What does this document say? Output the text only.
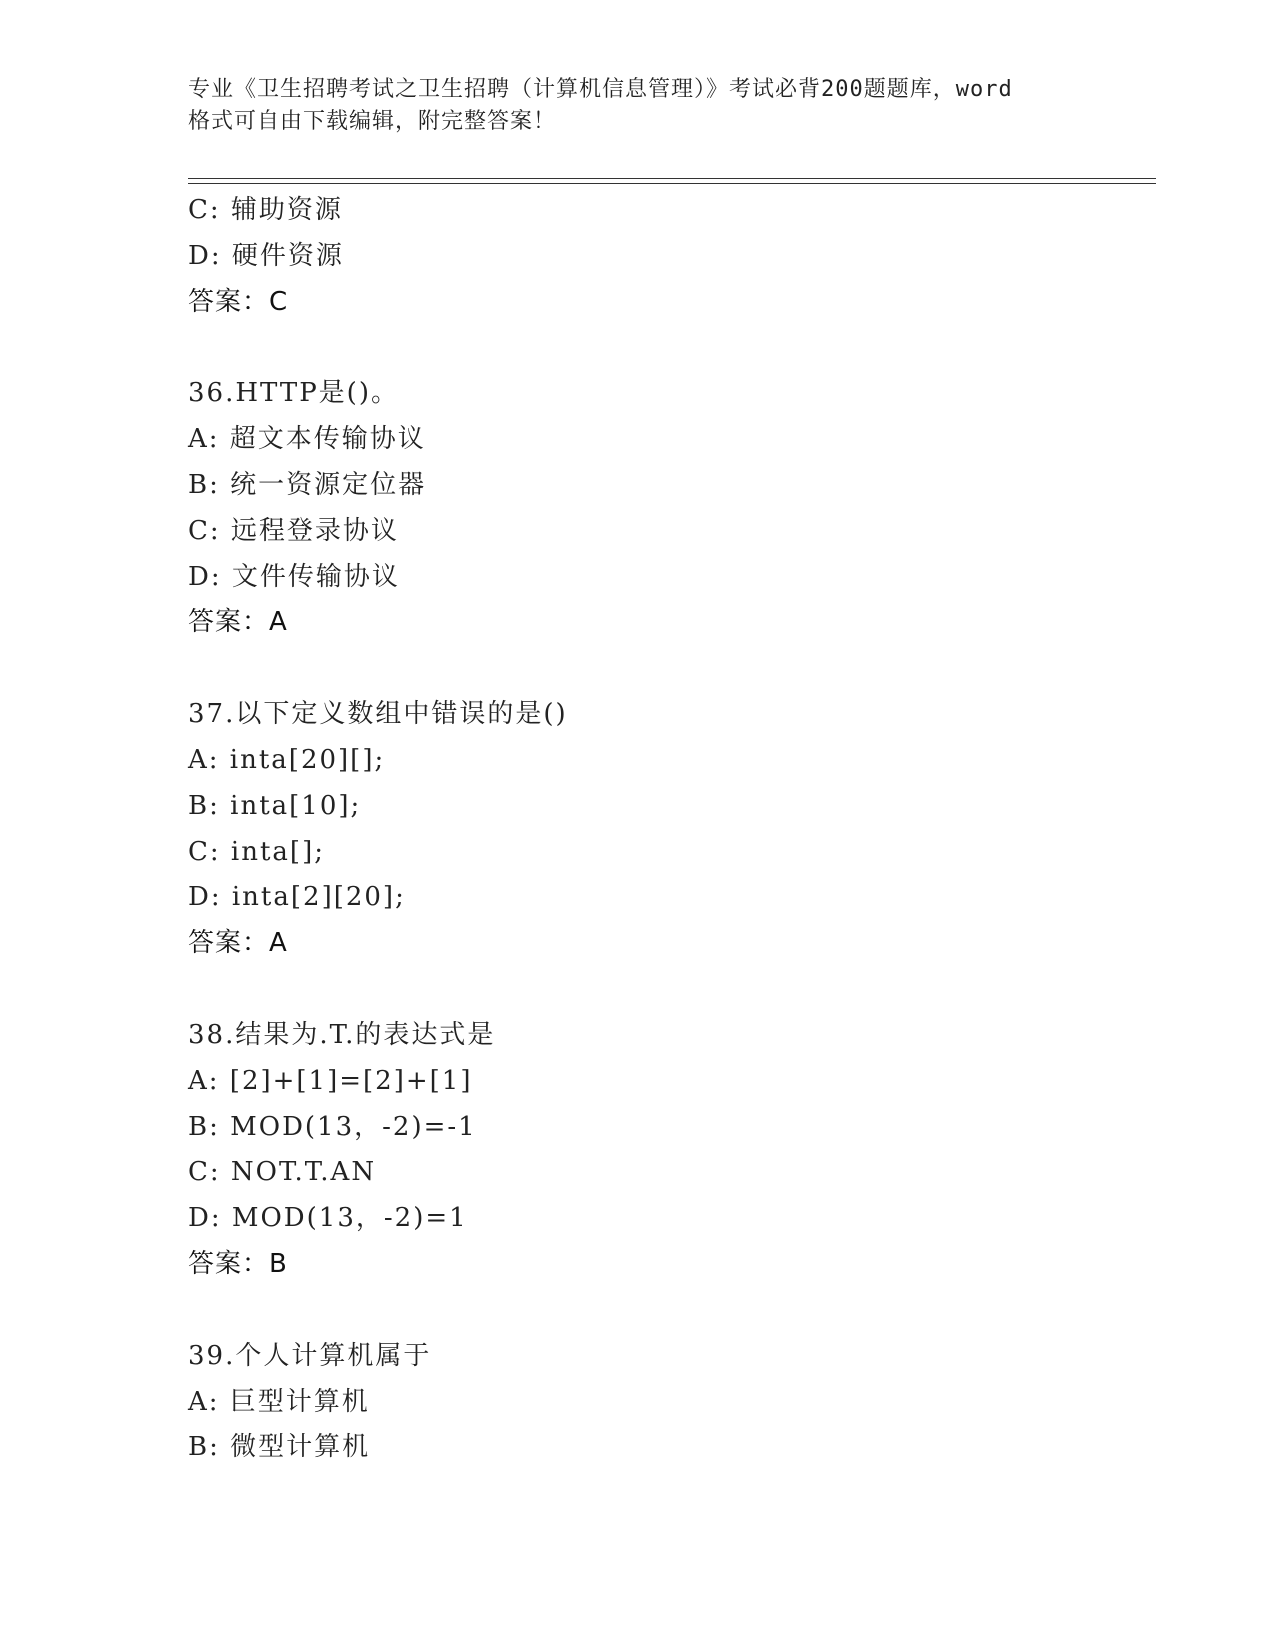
专业《卫生招聘考试之卫生招聘（计算机信息管理）》考试必背200题题库，word
格式可自由下载编辑，附完整答案！
C: 辅助资源
D: 硬件资源
答案：C
36.HTTP是()。
A: 超文本传输协议
B: 统一资源定位器
C: 远程登录协议
D: 文件传输协议
答案：A
37.以下定义数组中错误的是()
A: inta[20][];
B: inta[10];
C: inta[];
D: inta[2][20];
答案：A
38.结果为.T.的表达式是
A: [2]+[1]=[2]+[1]
B: MOD(13，-2)=-1
C: NOT.T.AN
D: MOD(13，-2)=1
答案：B
39.个人计算机属于
A: 巨型计算机
B: 微型计算机
